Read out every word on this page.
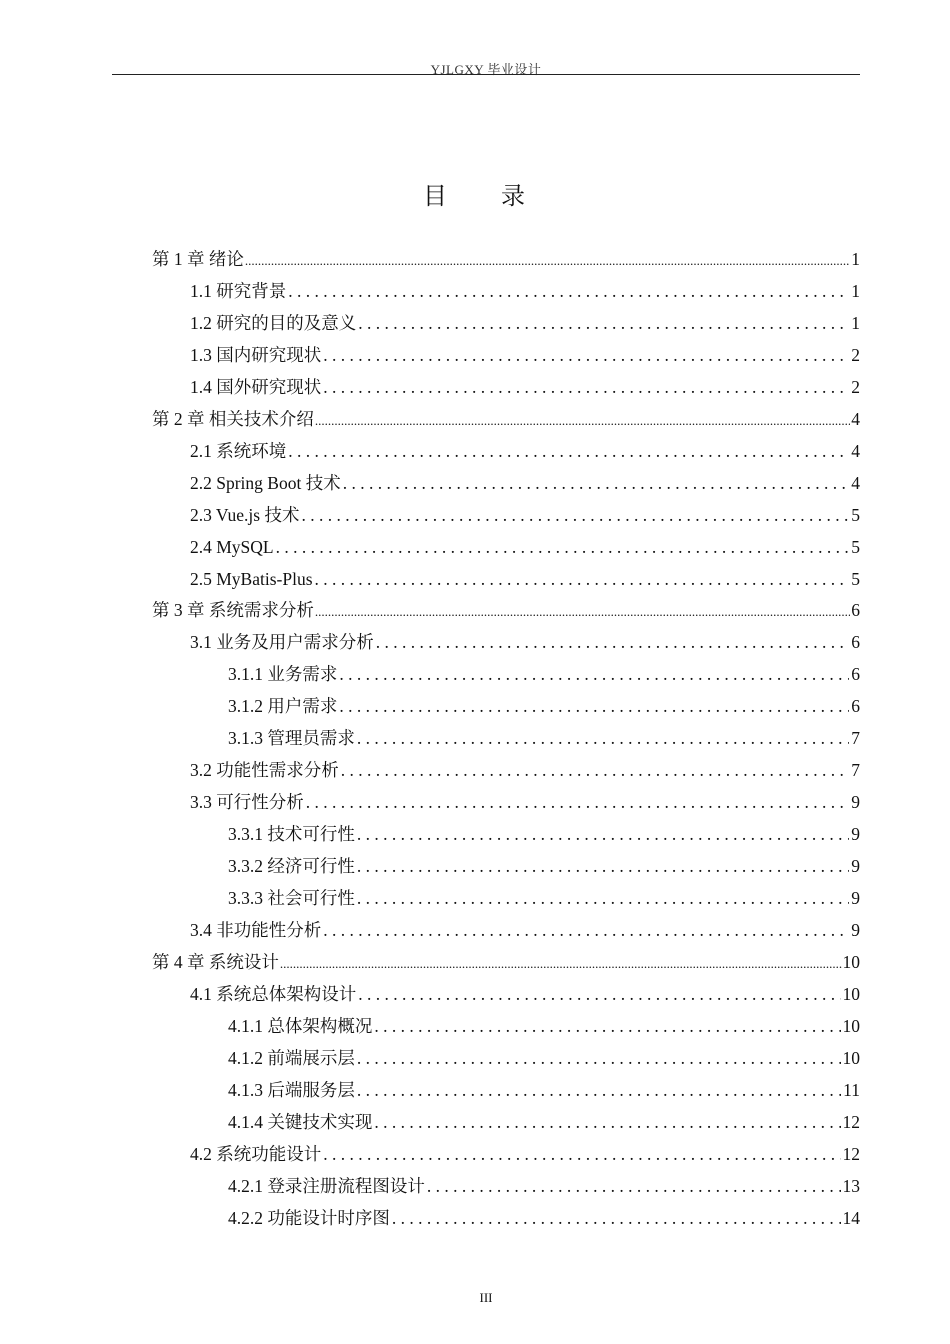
YJLGXY 毕业设计
目 录
第 1 章 绪论 .....	1
1.1 研究背景 . . .	1
1.2 研究的目的及意义 . . .	1
1.3 国内研究现状 . . .	2
1.4 国外研究现状 . . .	2
第 2 章 相关技术介绍 .....	4
2.1 系统环境 . . .	4
2.2 Spring Boot 技术 . . .	4
2.3 Vue.js 技术 . . .	5
2.4 MySQL . . .	5
2.5 MyBatis-Plus . . .	5
第 3 章 系统需求分析 .....	6
3.1 业务及用户需求分析 . . .	6
3.1.1 业务需求 . . .	6
3.1.2 用户需求 . . .	6
3.1.3 管理员需求 . . .	7
3.2 功能性需求分析 . . .	7
3.3 可行性分析 . . .	9
3.3.1 技术可行性 . . .	9
3.3.2 经济可行性 . . .	9
3.3.3 社会可行性 . . .	9
3.4 非功能性分析 . . .	9
第 4 章 系统设计 .....	10
4.1 系统总体架构设计 . . .	10
4.1.1 总体架构概况 . . .	10
4.1.2 前端展示层 . . .	10
4.1.3 后端服务层 . . .	11
4.1.4 关键技术实现 . . .	12
4.2 系统功能设计 . . .	12
4.2.1 登录注册流程图设计 . . .	13
4.2.2 功能设计时序图 . . .	14
III
